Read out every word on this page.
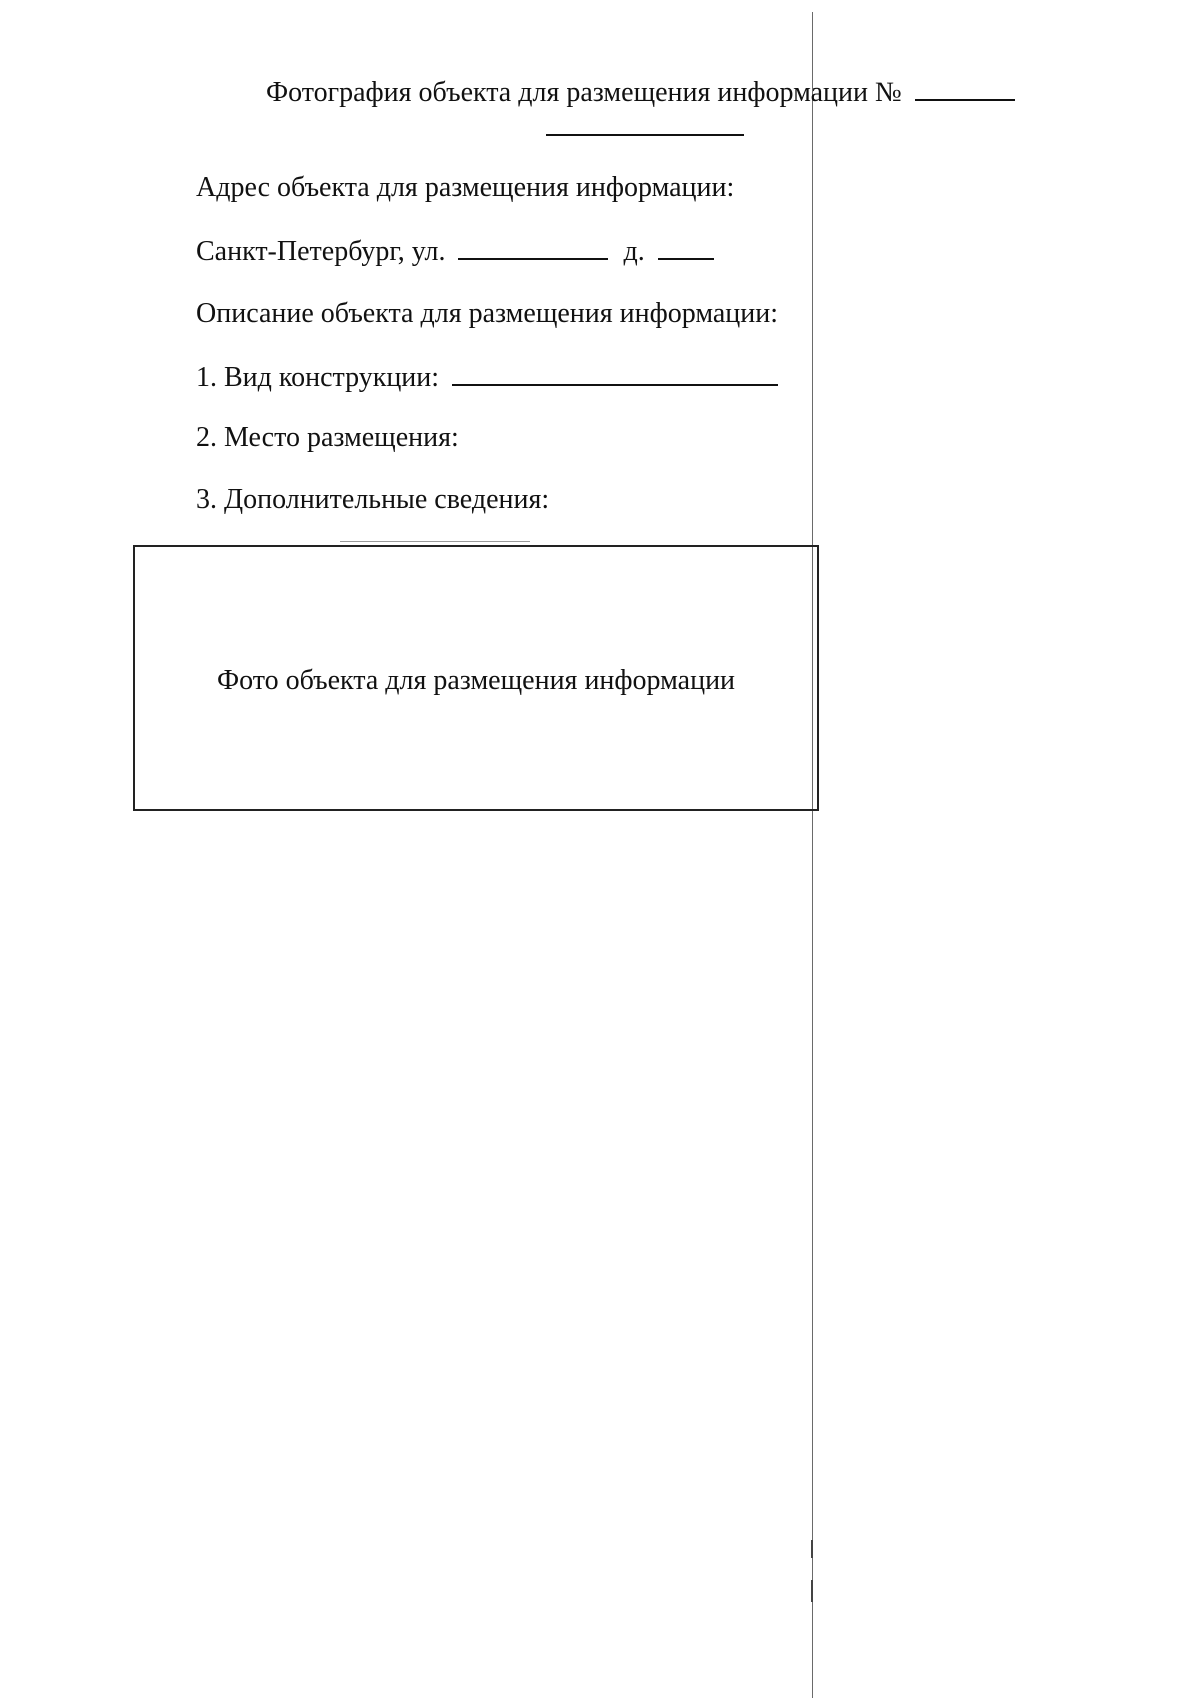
Фотография объекта для размещения информации №
Адрес объекта для размещения информации:
Санкт-Петербург, ул.	д.
Описание объекта для размещения информации:
1. Вид конструкции:
2. Место размещения:
3. Дополнительные сведения:
Фото объекта для размещения информации
